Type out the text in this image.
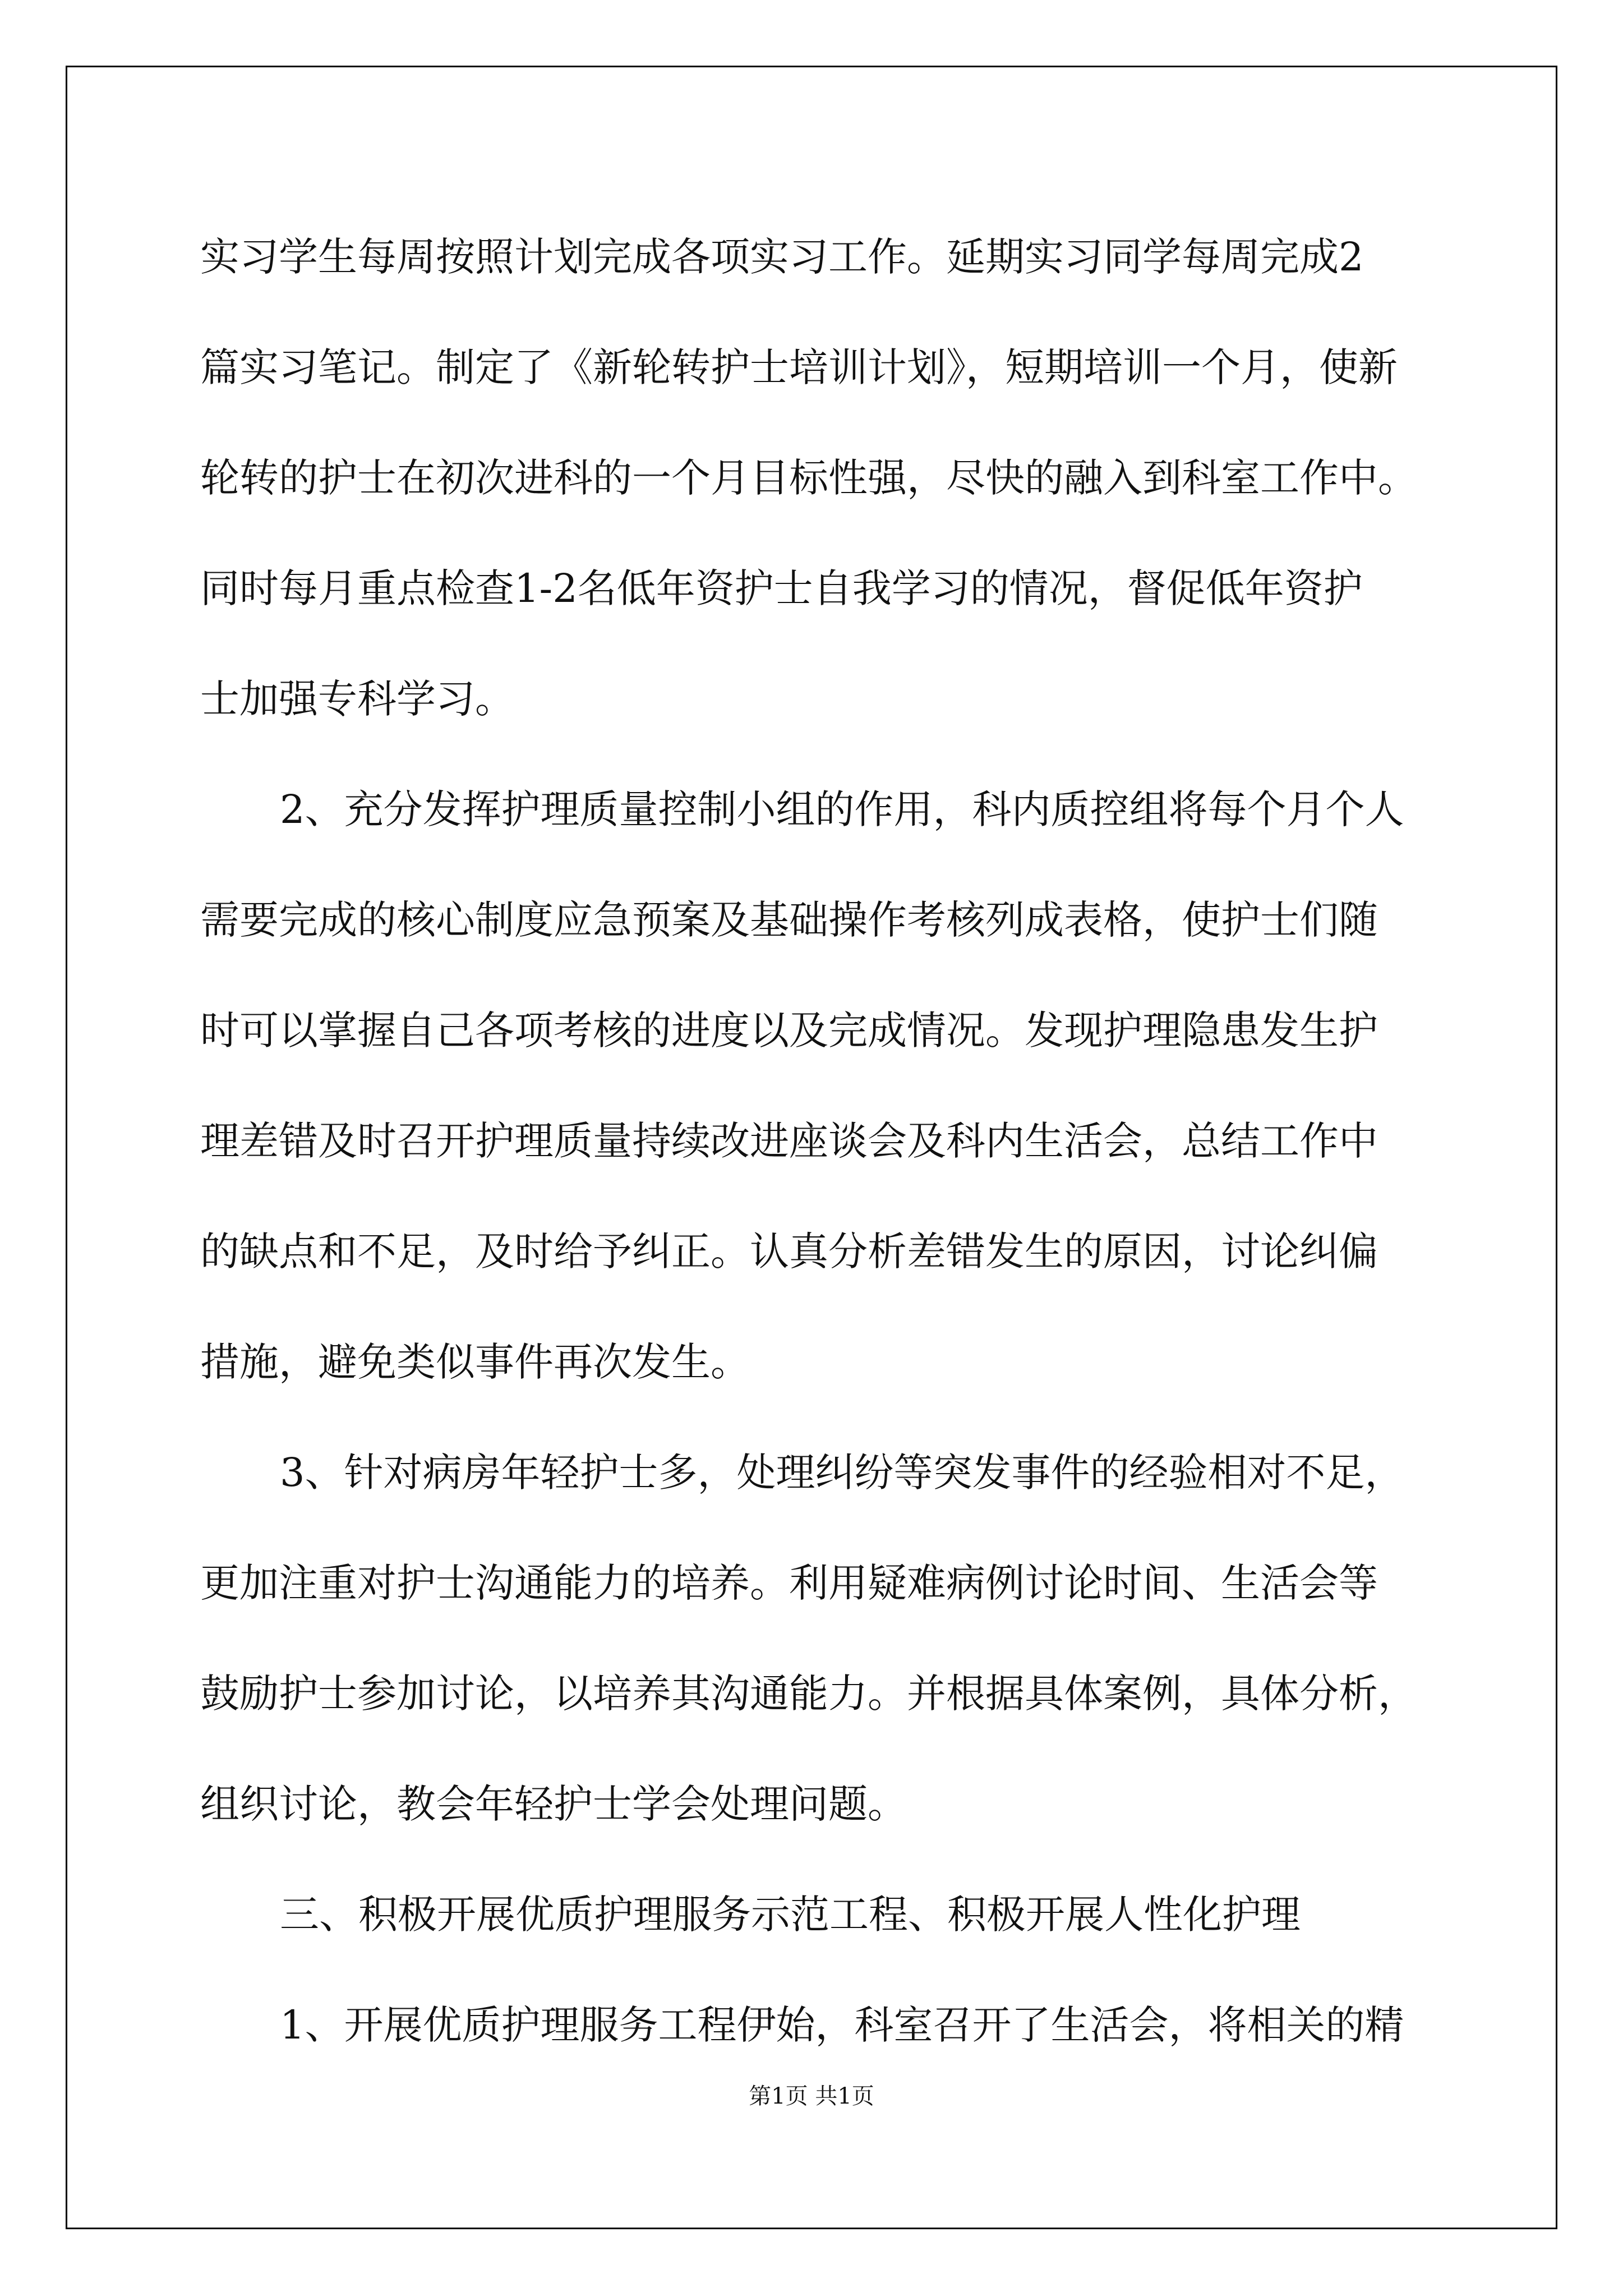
实习学生每周按照计划完成各项实习工作。延期实习同学每周完成2
篇实习笔记。制定了《新轮转护士培训计划》，短期培训一个月，使新
轮转的护士在初次进科的一个月目标性强，尽快的融入到科室工作中。
同时每月重点检查1-2名低年资护士自我学习的情况，督促低年资护
士加强专科学习。

2、充分发挥护理质量控制小组的作用，科内质控组将每个月个人
需要完成的核心制度应急预案及基础操作考核列成表格，使护士们随
时可以掌握自己各项考核的进度以及完成情况。发现护理隐患发生护
理差错及时召开护理质量持续改进座谈会及科内生活会，总结工作中
的缺点和不足，及时给予纠正。认真分析差错发生的原因，讨论纠偏
措施，避免类似事件再次发生。

3、针对病房年轻护士多，处理纠纷等突发事件的经验相对不足，
更加注重对护士沟通能力的培养。利用疑难病例讨论时间、生活会等
鼓励护士参加讨论，以培养其沟通能力。并根据具体案例，具体分析，
组织讨论，教会年轻护士学会处理问题。

三、积极开展优质护理服务示范工程、积极开展人性化护理

1、开展优质护理服务工程伊始，科室召开了生活会，将相关的精

第1页 共1页
